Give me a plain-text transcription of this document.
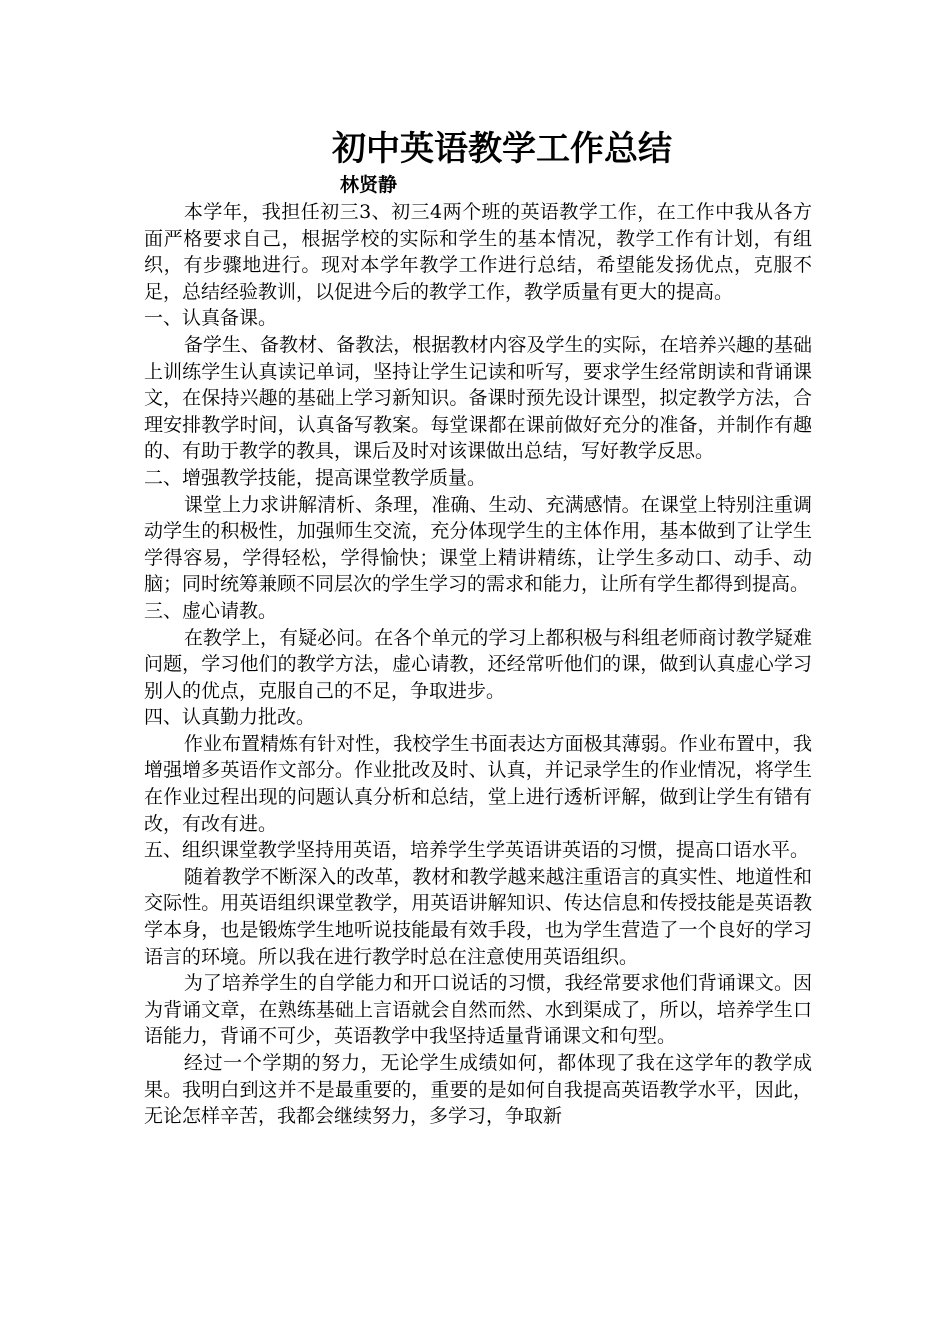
初中英语教学工作总结
林贤静

本学年，我担任初三3、初三4两个班的英语教学工作，在工作中我从各方面严格要求自己，根据学校的实际和学生的基本情况，教学工作有计划，有组织，有步骤地进行。现对本学年教学工作进行总结，希望能发扬优点，克服不足，总结经验教训，以促进今后的教学工作，教学质量有更大的提高。

一、认真备课。

备学生、备教材、备教法，根据教材内容及学生的实际，在培养兴趣的基础上训练学生认真读记单词，坚持让学生记读和听写，要求学生经常朗读和背诵课文，在保持兴趣的基础上学习新知识。备课时预先设计课型，拟定教学方法，合理安排教学时间，认真备写教案。每堂课都在课前做好充分的准备，并制作有趣的、有助于教学的教具，课后及时对该课做出总结，写好教学反思。

二、增强教学技能，提高课堂教学质量。

课堂上力求讲解清析、条理，准确、生动、充满感情。在课堂上特别注重调动学生的积极性，加强师生交流，充分体现学生的主体作用，基本做到了让学生学得容易，学得轻松，学得愉快；课堂上精讲精练，让学生多动口、动手、动脑；同时统筹兼顾不同层次的学生学习的需求和能力，让所有学生都得到提高。

三、虚心请教。

在教学上，有疑必问。在各个单元的学习上都积极与科组老师商讨教学疑难问题，学习他们的教学方法，虚心请教，还经常听他们的课，做到认真虚心学习别人的优点，克服自己的不足，争取进步。

四、认真勤力批改。

作业布置精炼有针对性，我校学生书面表达方面极其薄弱。作业布置中，我增强增多英语作文部分。作业批改及时、认真，并记录学生的作业情况，将学生在作业过程出现的问题认真分析和总结，堂上进行透析评解，做到让学生有错有改，有改有进。

五、组织课堂教学坚持用英语，培养学生学英语讲英语的习惯，提高口语水平。

随着教学不断深入的改革，教材和教学越来越注重语言的真实性、地道性和交际性。用英语组织课堂教学，用英语讲解知识、传达信息和传授技能是英语教学本身，也是锻炼学生地听说技能最有效手段，也为学生营造了一个良好的学习语言的环境。所以我在进行教学时总在注意使用英语组织。

为了培养学生的自学能力和开口说话的习惯，我经常要求他们背诵课文。因为背诵文章，在熟练基础上言语就会自然而然、水到渠成了，所以，培养学生口语能力，背诵不可少，英语教学中我坚持适量背诵课文和句型。

经过一个学期的努力，无论学生成绩如何，都体现了我在这学年的教学成果。我明白到这并不是最重要的，重要的是如何自我提高英语教学水平，因此，无论怎样辛苦，我都会继续努力，多学习，争取新
